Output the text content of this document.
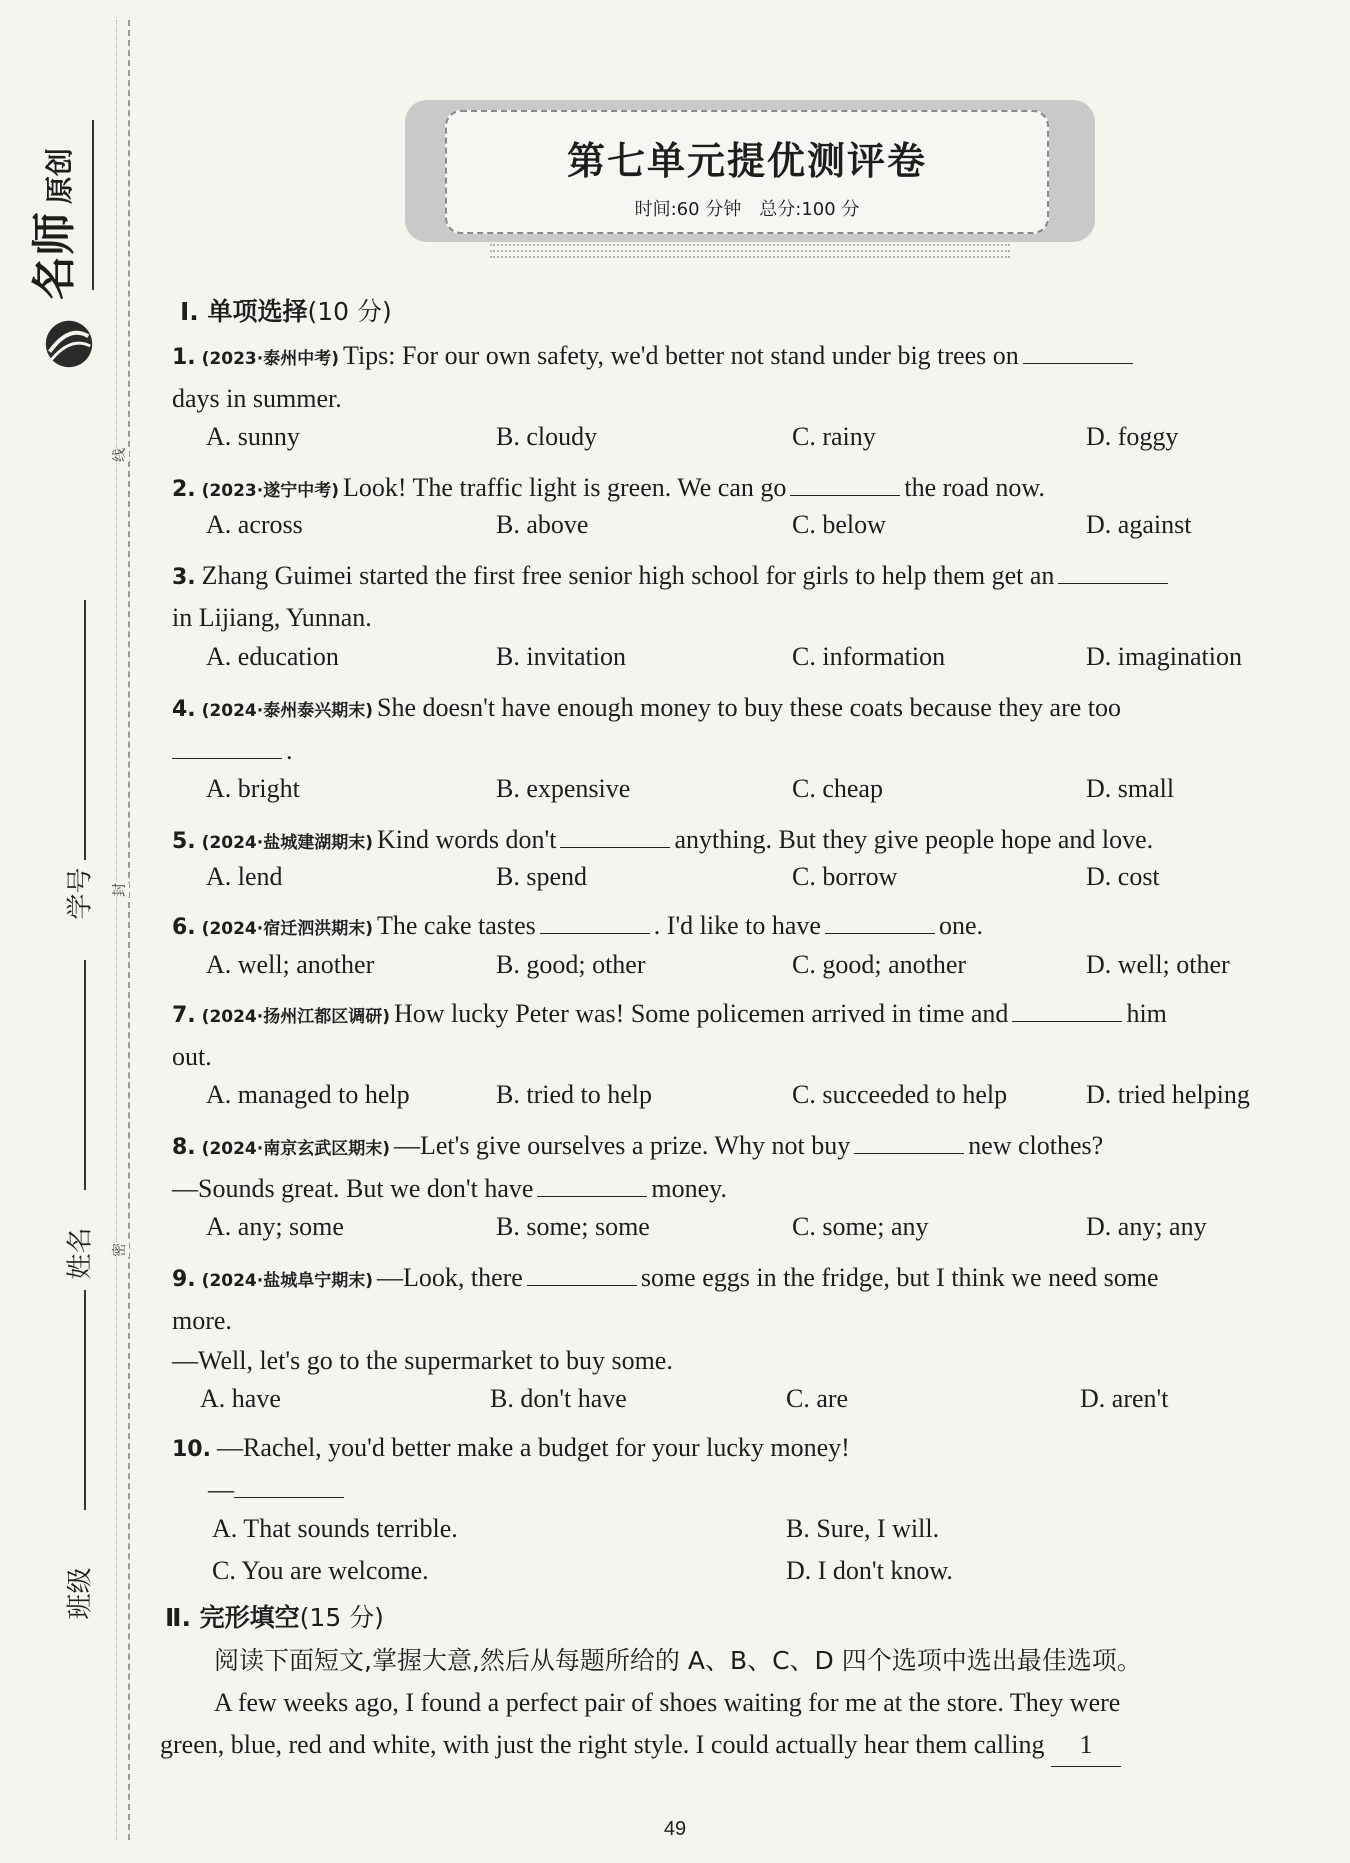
名师原创
线
学号 封
姓名 密
班级
第七单元提优测评卷
时间:60 分钟　总分:100 分
Ⅰ. 单项选择(10 分)
1. (2023·泰州中考) Tips: For our own safety, we'd better not stand under big trees on
days in summer.
A. sunny	B. cloudy	C. rainy	D. foggy
2. (2023·遂宁中考) Look! The traffic light is green. We can go	the road now.
A. across	B. above	C. below	D. against
3. Zhang Guimei started the first free senior high school for girls to help them get an
in Lijiang, Yunnan.
A. education	B. invitation	C. information	D. imagination
4. (2024·泰州泰兴期末) She doesn't have enough money to buy these coats because they are too
.
A. bright	B. expensive	C. cheap	D. small
5. (2024·盐城建湖期末) Kind words don't	anything. But they give people hope and love.
A. lend	B. spend	C. borrow	D. cost
6. (2024·宿迁泗洪期末) The cake tastes	. I'd like to have	one.
A. well; another	B. good; other	C. good; another	D. well; other
7. (2024·扬州江都区调研) How lucky Peter was! Some policemen arrived in time and	him
out.
A. managed to help	B. tried to help	C. succeeded to help	D. tried helping
8. (2024·南京玄武区期末) —Let's give ourselves a prize. Why not buy	new clothes?
—Sounds great. But we don't have	money.
A. any; some	B. some; some	C. some; any	D. any; any
9. (2024·盐城阜宁期末) —Look, there	some eggs in the fridge, but I think we need some
more.
—Well, let's go to the supermarket to buy some.
A. have	B. don't have	C. are	D. aren't
10. —Rachel, you'd better make a budget for your lucky money!
—
A. That sounds terrible.	B. Sure, I will.
C. You are welcome.	D. I don't know.
Ⅱ. 完形填空(15 分)
阅读下面短文,掌握大意,然后从每题所给的 A、B、C、D 四个选项中选出最佳选项。
A few weeks ago, I found a perfect pair of shoes waiting for me at the store. They were
green, blue, red and white, with just the right style. I could actually hear them calling 1
49
